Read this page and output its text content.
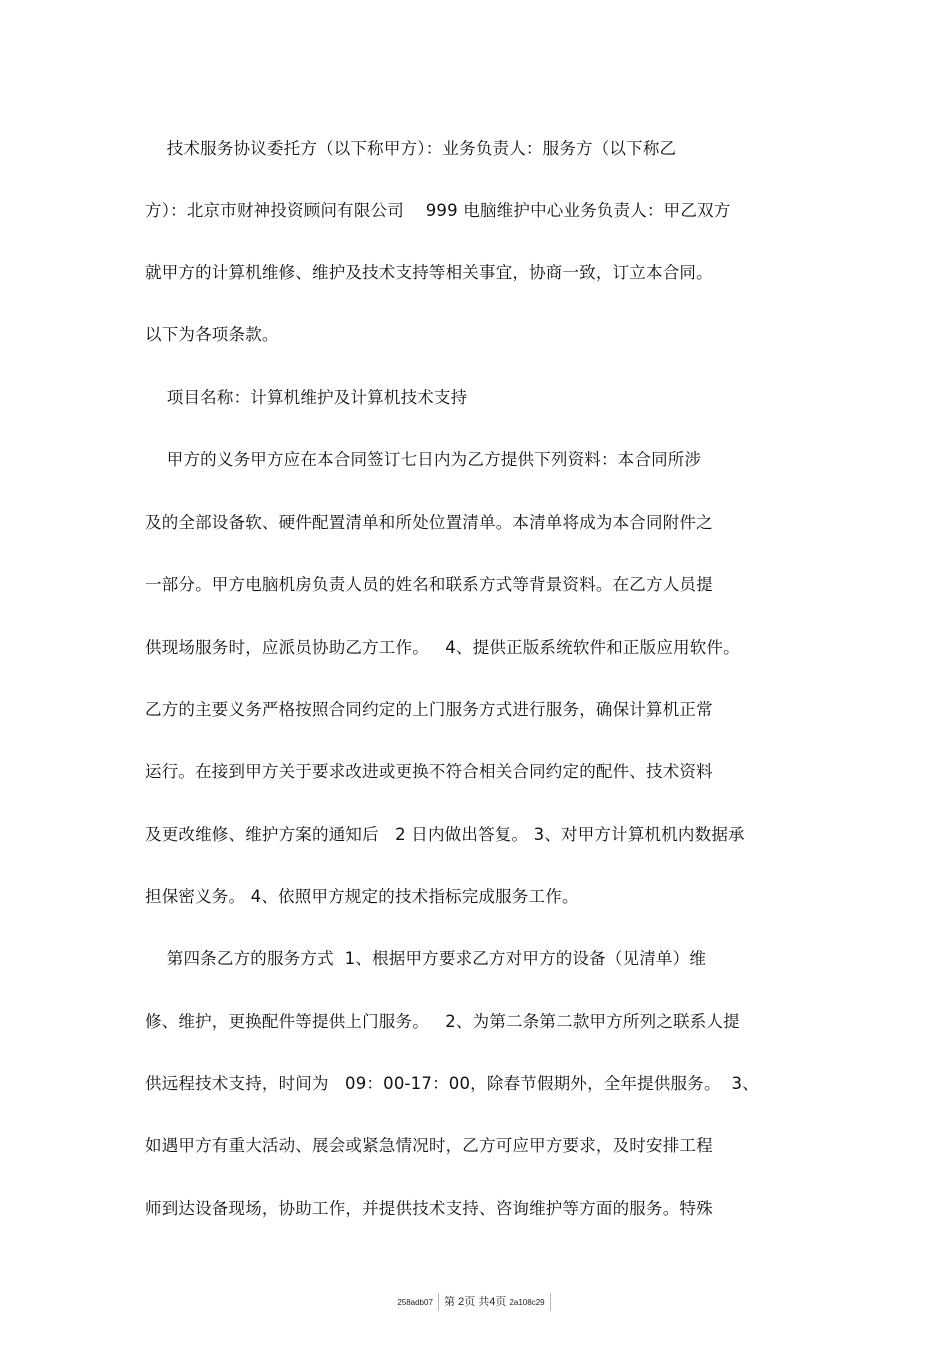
技术服务协议委托方（以下称甲方）：业务负责人：服务方（以下称乙
方）：北京市财神投资顾问有限公司    999 电脑维护中心业务负责人：甲乙双方
就甲方的计算机维修、维护及技术支持等相关事宜，协商一致，订立本合同。
以下为各项条款。
项目名称：计算机维护及计算机技术支持
甲方的义务甲方应在本合同签订七日内为乙方提供下列资料：本合同所涉
及的全部设备软、硬件配置清单和所处位置清单。本清单将成为本合同附件之
一部分。甲方电脑机房负责人员的姓名和联系方式等背景资料。在乙方人员提
供现场服务时，应派员协助乙方工作。   4、提供正版系统软件和正版应用软件。
乙方的主要义务严格按照合同约定的上门服务方式进行服务，确保计算机正常
运行。在接到甲方关于要求改进或更换不符合相关合同约定的配件、技术资料
及更改维修、维护方案的通知后   2 日内做出答复。 3、对甲方计算机机内数据承
担保密义务。 4、依照甲方规定的技术指标完成服务工作。
第四条乙方的服务方式  1、根据甲方要求乙方对甲方的设备（见清单）维
修、维护，更换配件等提供上门服务。   2、为第二条第二款甲方所列之联系人提
供远程技术支持，时间为   09：00-17：00，除春节假期外，全年提供服务。  3、
如遇甲方有重大活动、展会或紧急情况时，乙方可应甲方要求，及时安排工程
师到达设备现场，协助工作，并提供技术支持、咨询维护等方面的服务。特殊
258adb07 第 2页 共4页 2a108c29
